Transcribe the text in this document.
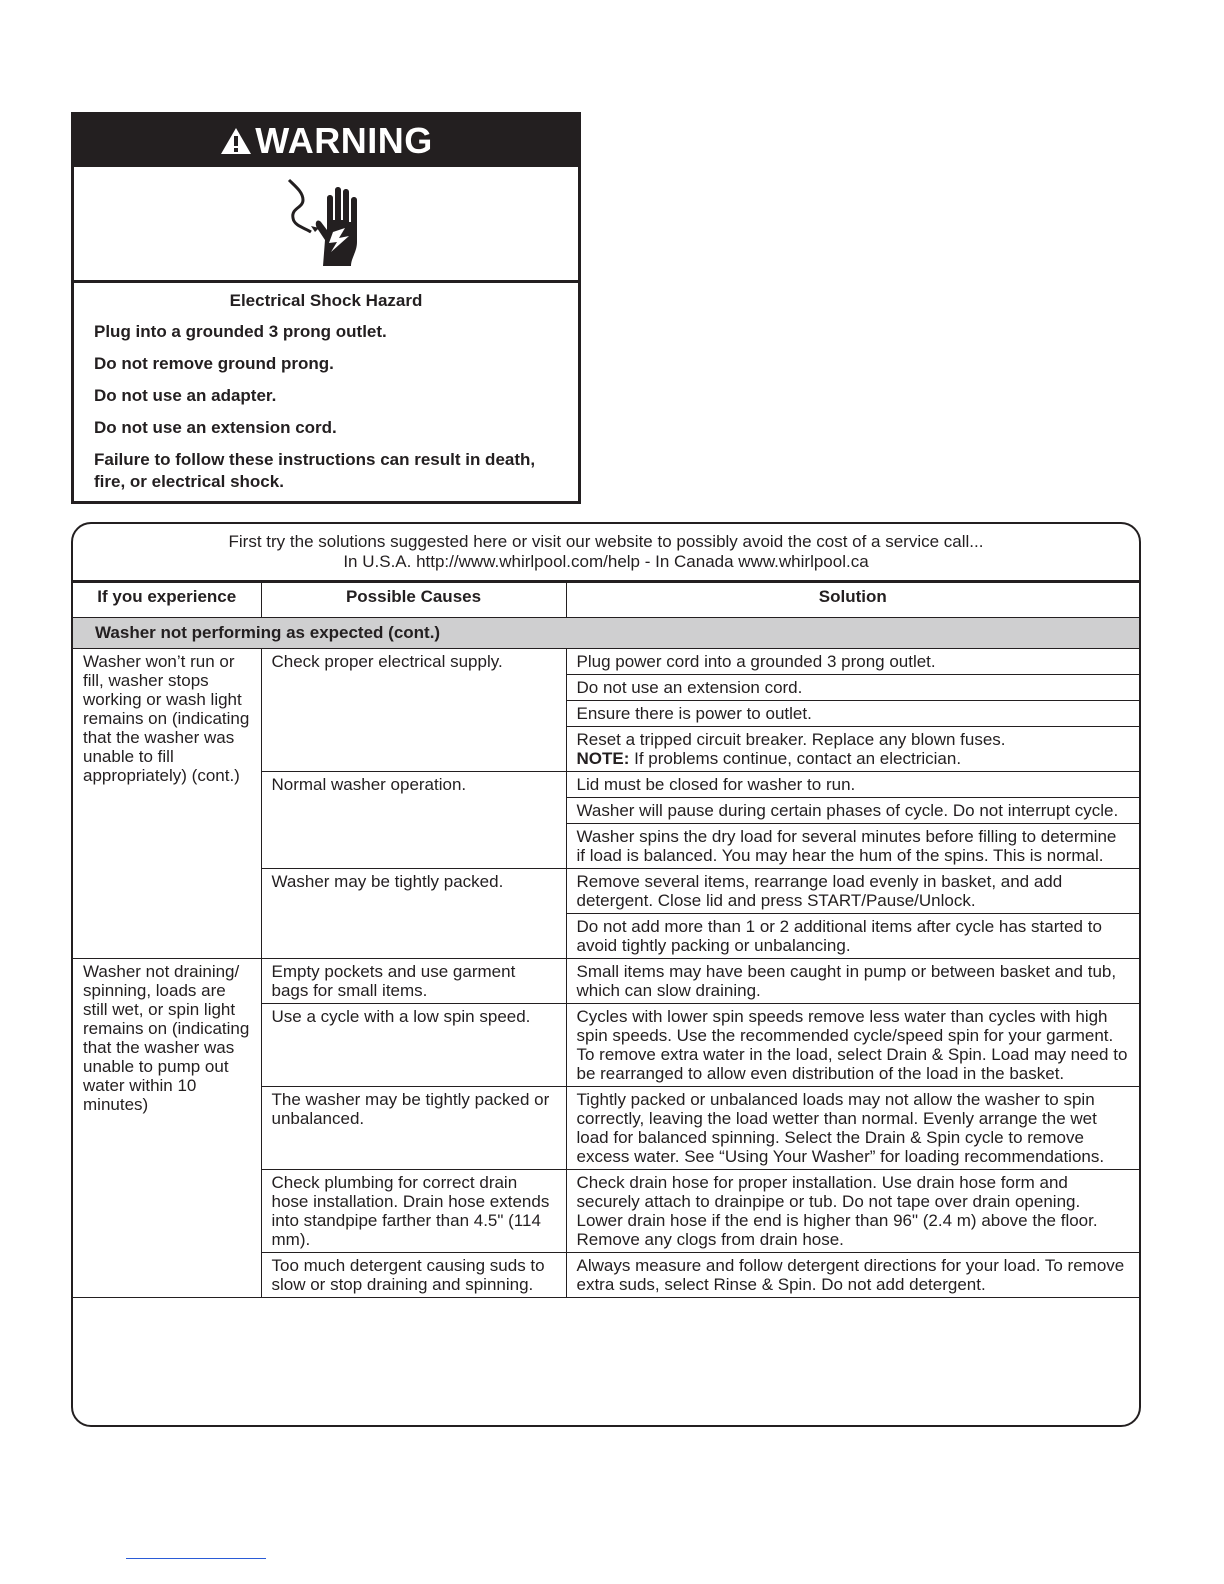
WARNING

Electrical Shock Hazard

Plug into a grounded 3 prong outlet.

Do not remove ground prong.

Do not use an adapter.

Do not use an extension cord.

Failure to follow these instructions can result in death, fire, or electrical shock.

First try the solutions suggested here or visit our website to possibly avoid the cost of a service call...
In U.S.A. http://www.whirlpool.com/help - In Canada www.whirlpool.ca
If you experience	Possible Causes	Solution
Washer not performing as expected (cont.)		
Washer won’t run or fill, washer stops working or wash light remains on (indicating that the washer was unable to fill appropriately) (cont.)	Check proper electrical supply.	Plug power cord into a grounded 3 prong outlet.
		Do not use an extension cord.
		Ensure there is power to outlet.
		Reset a tripped circuit breaker. Replace any blown fuses.
NOTE: If problems continue, contact an electrician.
	Normal washer operation.	Lid must be closed for washer to run.
		Washer will pause during certain phases of cycle. Do not interrupt cycle.
		Washer spins the dry load for several minutes before filling to determine if load is balanced. You may hear the hum of the spins. This is normal.
	Washer may be tightly packed.	Remove several items, rearrange load evenly in basket, and add detergent. Close lid and press START/Pause/Unlock.
		Do not add more than 1 or 2 additional items after cycle has started to avoid tightly packing or unbalancing.
Washer not draining/ spinning, loads are still wet, or spin light remains on (indicating that the washer was unable to pump out water within 10 minutes)	Empty pockets and use garment bags for small items.	Small items may have been caught in pump or between basket and tub, which can slow draining.
	Use a cycle with a low spin speed.	Cycles with lower spin speeds remove less water than cycles with high spin speeds. Use the recommended cycle/speed spin for your garment. To remove extra water in the load, select Drain & Spin. Load may need to be rearranged to allow even distribution of the load in the basket.
	The washer may be tightly packed or unbalanced.	Tightly packed or unbalanced loads may not allow the washer to spin correctly, leaving the load wetter than normal. Evenly arrange the wet load for balanced spinning. Select the Drain & Spin cycle to remove excess water. See “Using Your Washer” for loading recommendations.
	Check plumbing for correct drain hose installation. Drain hose extends into standpipe farther than 4.5" (114 mm).	Check drain hose for proper installation. Use drain hose form and securely attach to drainpipe or tub. Do not tape over drain opening. Lower drain hose if the end is higher than 96" (2.4 m) above the floor. Remove any clogs from drain hose.
	Too much detergent causing suds to slow or stop draining and spinning.	Always measure and follow detergent directions for your load. To remove extra suds, select Rinse & Spin. Do not add detergent.
